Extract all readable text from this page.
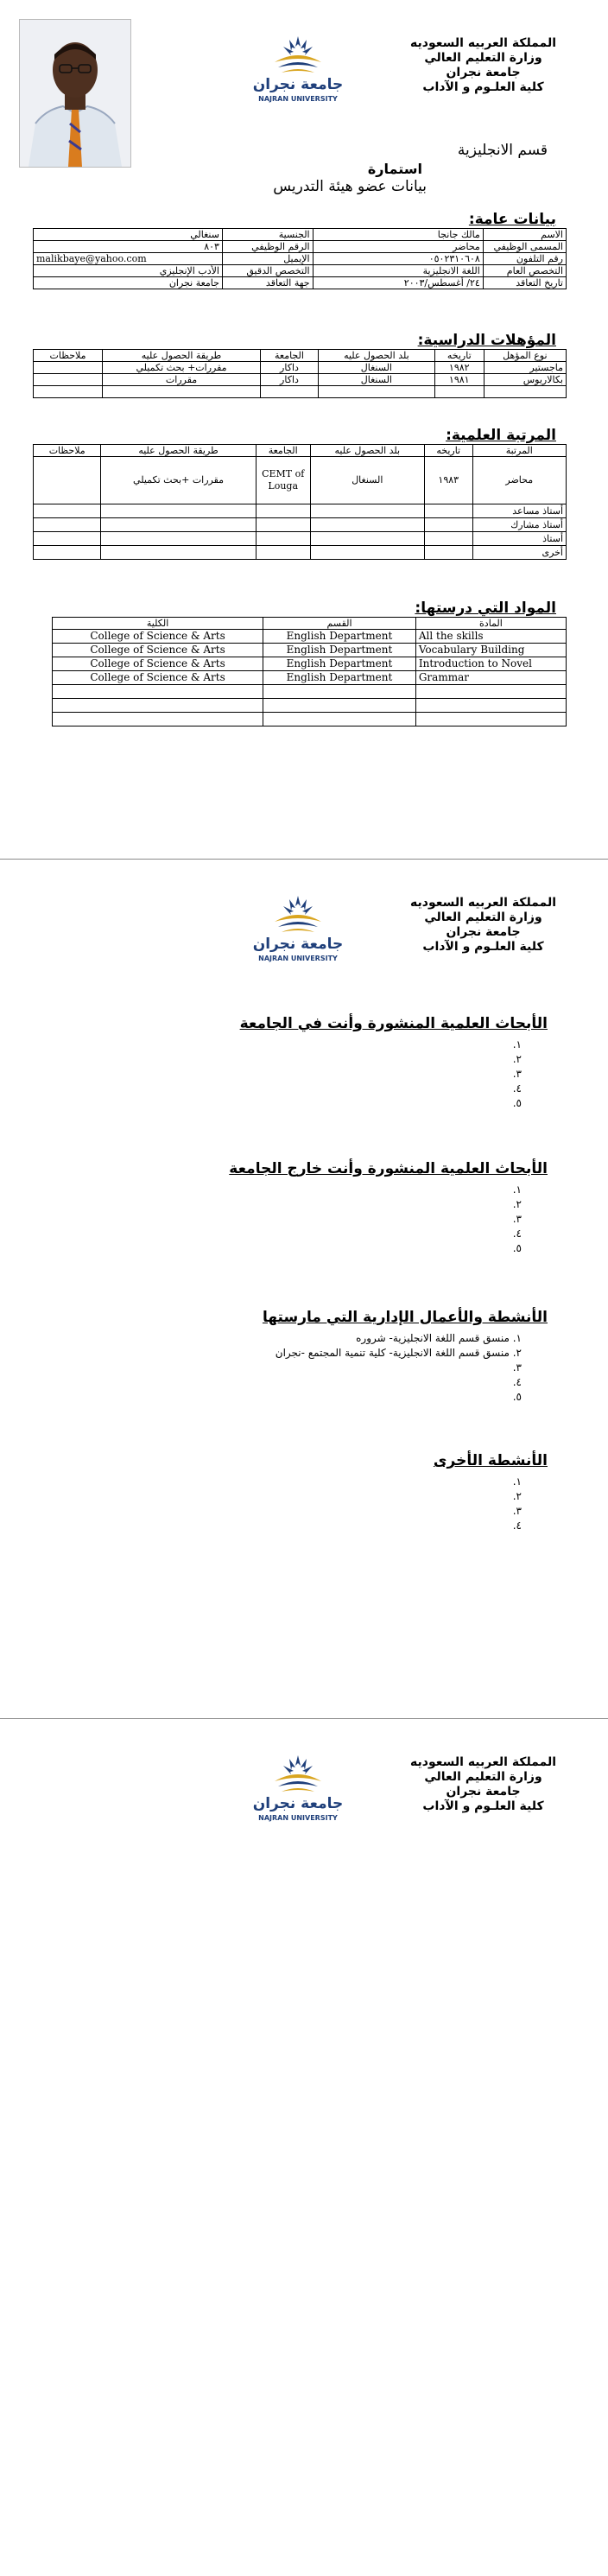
جامعة نجران
NAJRAN UNIVERSITY
المملكة العربيه السعوديه
وزارة التعليم العالي
جامعة نجران
كلية العلـوم و الآداب
قسم الانجليزية
استمارة
بيانات عضو هيئة التدريس
بيانات عامة:
الاسم	مالك جانجا	الجنسية	سنغالي
المسمى الوظيفي	محاضر	الرقم الوظيفي	٨٠٣
رقم التلفون	٠٥٠٢٣١٠٦٠٨	الإيميل	malikbaye@yahoo.com
التخصص العام	اللغة الانجليزية	التخصص الدقيق	الأدب الإنجليزي
تاريخ التعاقد	٢٤/ أغسطس/٢٠٠٣	جهة التعاقد	جامعة نجران
المؤهلات الدراسية:
نوع المؤهل	تاريخه	بلد الحصول عليه	الجامعة	طريقة الحصول عليه	ملاحظات
ماجستير	١٩٨٢	السنغال	داكار	مقررات+ بحث تكميلي	
بكالاريوس	١٩٨١	السنغال	داكار	مقررات	

المرتبة العلمية:
المرتبة	تاريخه	بلد الحصول عليه	الجامعة	طريقة الحصول عليه	ملاحظات
محاضر	١٩٨٣	السنغال	CEMT of Louga	مقررات +بحث تكميلي	
أستاذ مساعد					
أستاذ مشارك					
أستاذ					
أخرى					
المواد التي درستها:
المادة	القسم	الكلية
All the skills	English Department	College of Science & Arts
Vocabulary Building	English Department	College of Science & Arts
Introduction to Novel	English Department	College of Science & Arts
Grammar	English Department	College of Science & Arts

جامعة نجران
NAJRAN UNIVERSITY
المملكة العربيه السعوديه
وزارة التعليم العالي
جامعة نجران
كلية العلـوم و الآداب
الأبحاث العلمية المنشورة وأنت في الجامعة
١.
٢.
٣.
٤.
٥.
الأبحاث العلمية المنشورة وأنت خارج الجامعة
١.
٢.
٣.
٤.
٥.
الأنشطة والأعمال الإدارية التي مارستها
١. منسق قسم اللغة الانجليزية- شروره
٢. منسق قسم اللغة الانجليزية- كلية تنمية المجتمع -نجران
٣.
٤.
٥.
الأنشطة الأخرى
١.
٢.
٣.
٤.
جامعة نجران
NAJRAN UNIVERSITY
المملكة العربيه السعوديه
وزارة التعليم العالي
جامعة نجران
كلية العلـوم و الآداب
